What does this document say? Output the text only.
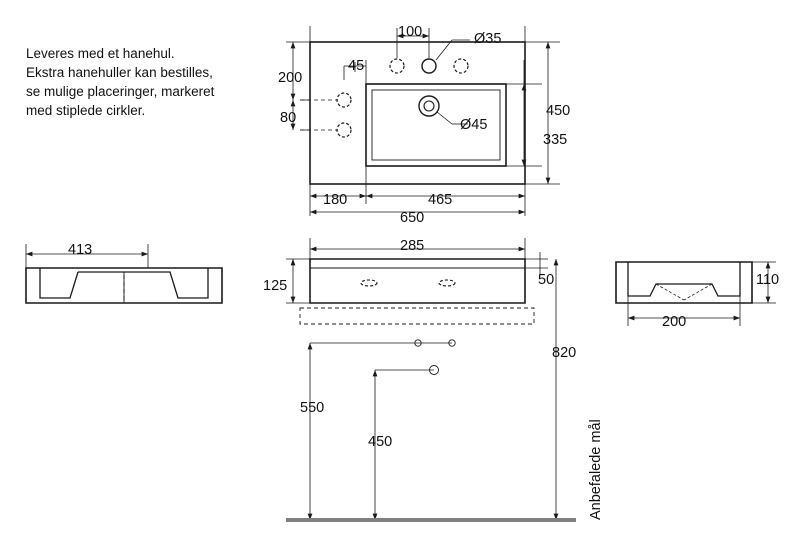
Leveres med et hanehul.
Ekstra hanehuller kan bestilles,
se mulige placeringer, markeret
med stiplede cirkler.
100	Ø35
45
200
80	Ø45
450
335
180	465
650
285
125	50
820
550
450	Anbefalede mål
413
110
200
